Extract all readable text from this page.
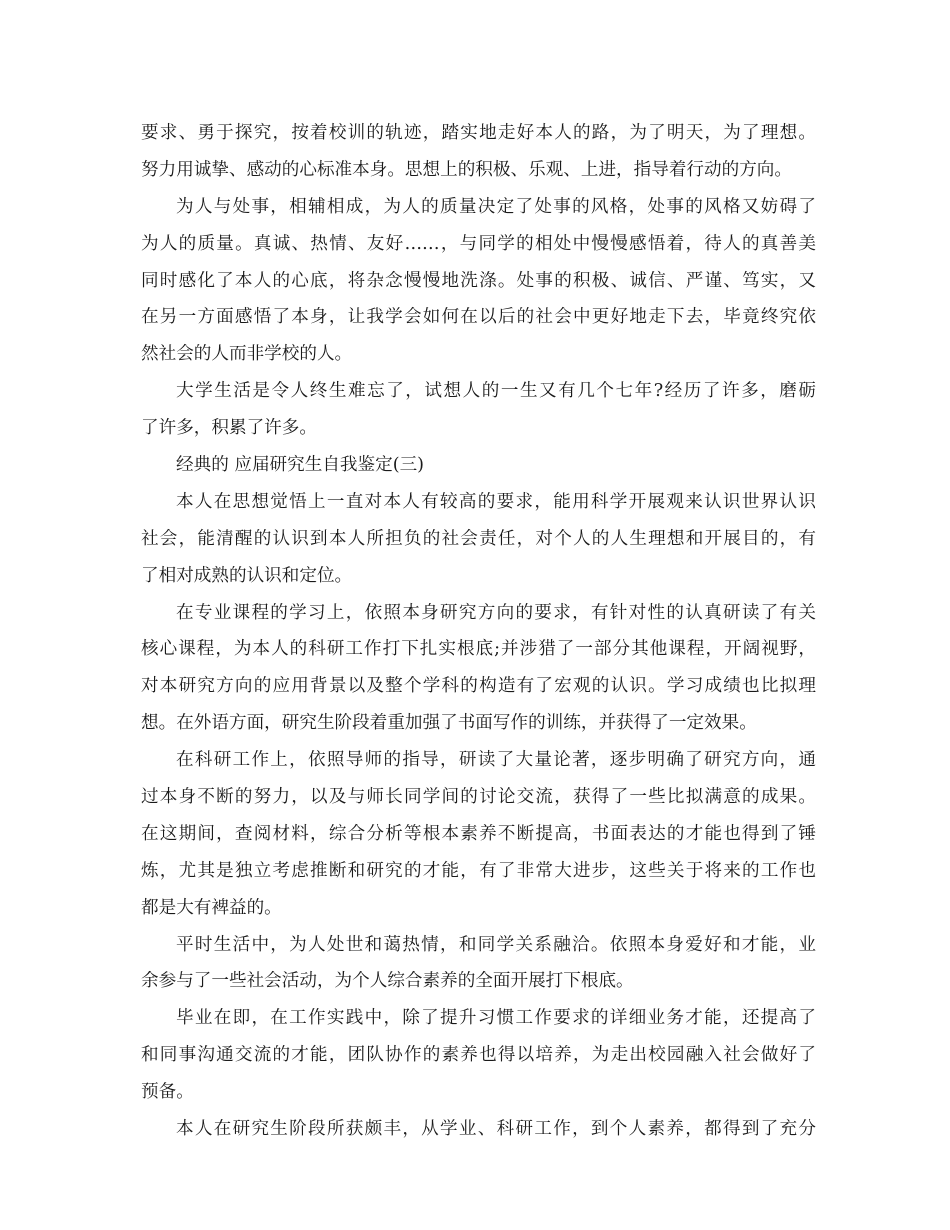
要求、勇于探究，按着校训的轨迹，踏实地走好本人的路，为了明天，为了理想。
努力用诚挚、感动的心标准本身。思想上的积极、乐观、上进，指导着行动的方向。
为人与处事，相辅相成，为人的质量决定了处事的风格，处事的风格又妨碍了
为人的质量。真诚、热情、友好……，与同学的相处中慢慢感悟着，待人的真善美
同时感化了本人的心底，将杂念慢慢地洗涤。处事的积极、诚信、严谨、笃实，又
在另一方面感悟了本身，让我学会如何在以后的社会中更好地走下去，毕竟终究依
然社会的人而非学校的人。
大学生活是令人终生难忘了，试想人的一生又有几个七年?经历了许多，磨砺
了许多，积累了许多。
经典的 应届研究生自我鉴定(三)
本人在思想觉悟上一直对本人有较高的要求，能用科学开展观来认识世界认识
社会，能清醒的认识到本人所担负的社会责任，对个人的人生理想和开展目的，有
了相对成熟的认识和定位。
在专业课程的学习上，依照本身研究方向的要求，有针对性的认真研读了有关
核心课程，为本人的科研工作打下扎实根底;并涉猎了一部分其他课程，开阔视野，
对本研究方向的应用背景以及整个学科的构造有了宏观的认识。学习成绩也比拟理
想。在外语方面，研究生阶段着重加强了书面写作的训练，并获得了一定效果。
在科研工作上，依照导师的指导，研读了大量论著，逐步明确了研究方向，通
过本身不断的努力，以及与师长同学间的讨论交流，获得了一些比拟满意的成果。
在这期间，查阅材料，综合分析等根本素养不断提高，书面表达的才能也得到了锤
炼，尤其是独立考虑推断和研究的才能，有了非常大进步，这些关于将来的工作也
都是大有裨益的。
平时生活中，为人处世和蔼热情，和同学关系融洽。依照本身爱好和才能，业
余参与了一些社会活动，为个人综合素养的全面开展打下根底。
毕业在即，在工作实践中，除了提升习惯工作要求的详细业务才能，还提高了
和同事沟通交流的才能，团队协作的素养也得以培养，为走出校园融入社会做好了
预备。
本人在研究生阶段所获颇丰，从学业、科研工作，到个人素养，都得到了充分
